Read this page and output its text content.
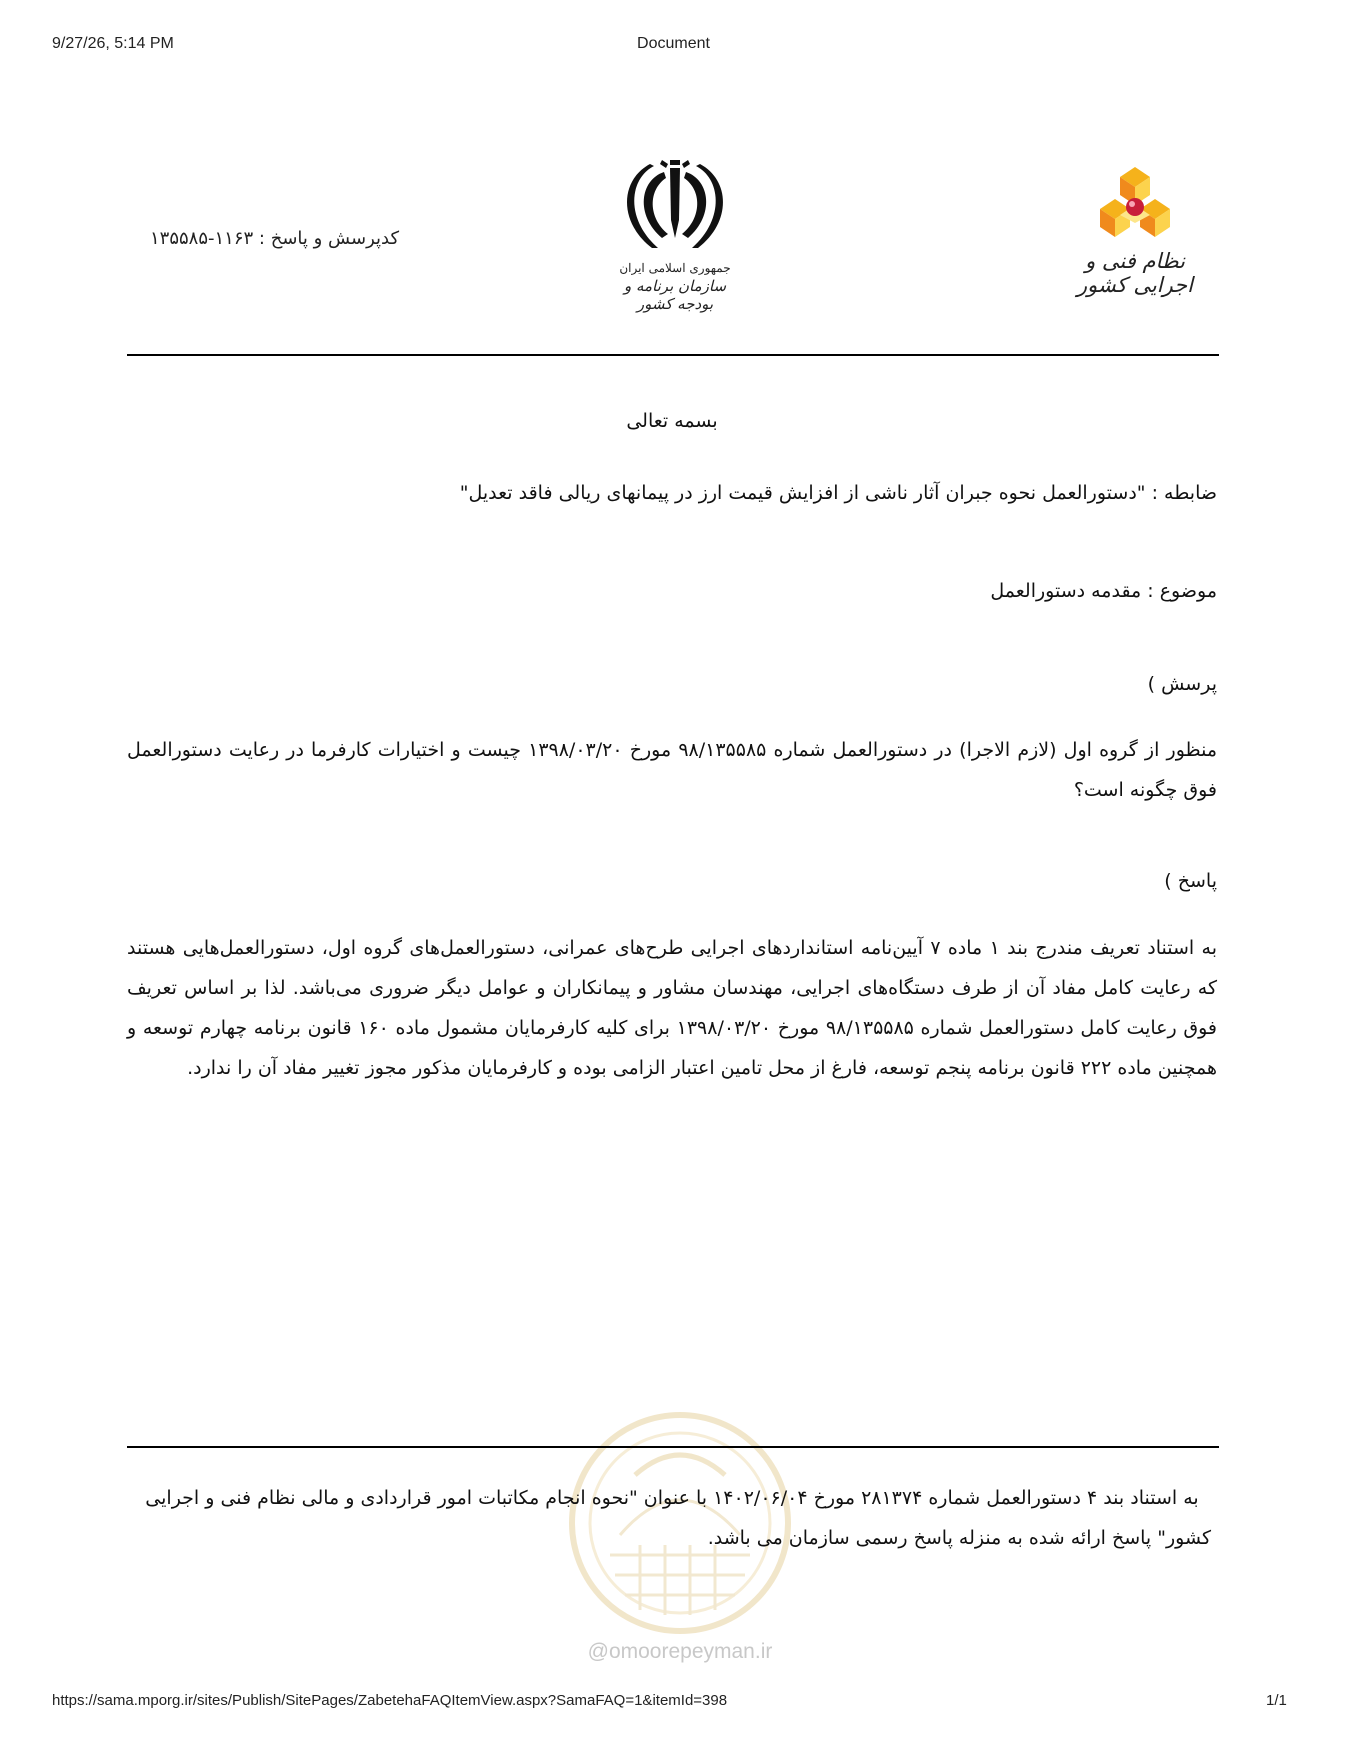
9/27/26, 5:14 PM	Document
https://sama.mporg.ir/sites/Publish/SitePages/ZabetehaFAQItemView.aspx?SamaFAQ=1&itemId=398	1/1
کدپرسش و پاسخ : ۱۱۶۳-۱۳۵۵۸۵
جمهوری اسلامی ایران
سازمان برنامه و بودجه کشور
نظام فنی و اجرایی کشور
بسمه تعالی
ضابطه : "دستورالعمل نحوه جبران آثار ناشی از افزایش قیمت ارز در پیمانهای ریالی فاقد تعدیل"
موضوع : مقدمه دستورالعمل
پرسش )
منظور از گروه اول (لازم الاجرا) در دستورالعمل شماره ۹۸/۱۳۵۵۸۵ مورخ ۱۳۹۸/۰۳/۲۰ چیست و اختیارات کارفرما در رعایت دستورالعمل فوق چگونه است؟
پاسخ )
به استناد تعریف مندرج بند ۱ ماده ۷ آیین‌نامه استانداردهای اجرایی طرح‌های عمرانی، دستورالعمل‌های گروه اول، دستورالعمل‌هایی هستند که رعایت کامل مفاد آن از طرف دستگاه‌های اجرایی، مهندسان مشاور و پیمانکاران و عوامل دیگر ضروری می‌باشد. لذا بر اساس تعریف فوق رعایت کامل دستورالعمل شماره ۹۸/۱۳۵۵۸۵ مورخ ۱۳۹۸/۰۳/۲۰ برای کلیه کارفرمایان مشمول ماده ۱۶۰ قانون برنامه چهارم توسعه و همچنین ماده ۲۲۲ قانون برنامه پنجم توسعه، فارغ از محل تامین اعتبار الزامی بوده و کارفرمایان مذکور مجوز تغییر مفاد آن را ندارد.
@omoorepeyman.ir
به استناد بند ۴ دستورالعمل شماره ۲۸۱۳۷۴ مورخ ۱۴۰۲/۰۶/۰۴ با عنوان "نحوه انجام مکاتبات امور قراردادی و مالی نظام فنی و اجرایی کشور" پاسخ ارائه شده به منزله پاسخ رسمی سازمان می باشد.
